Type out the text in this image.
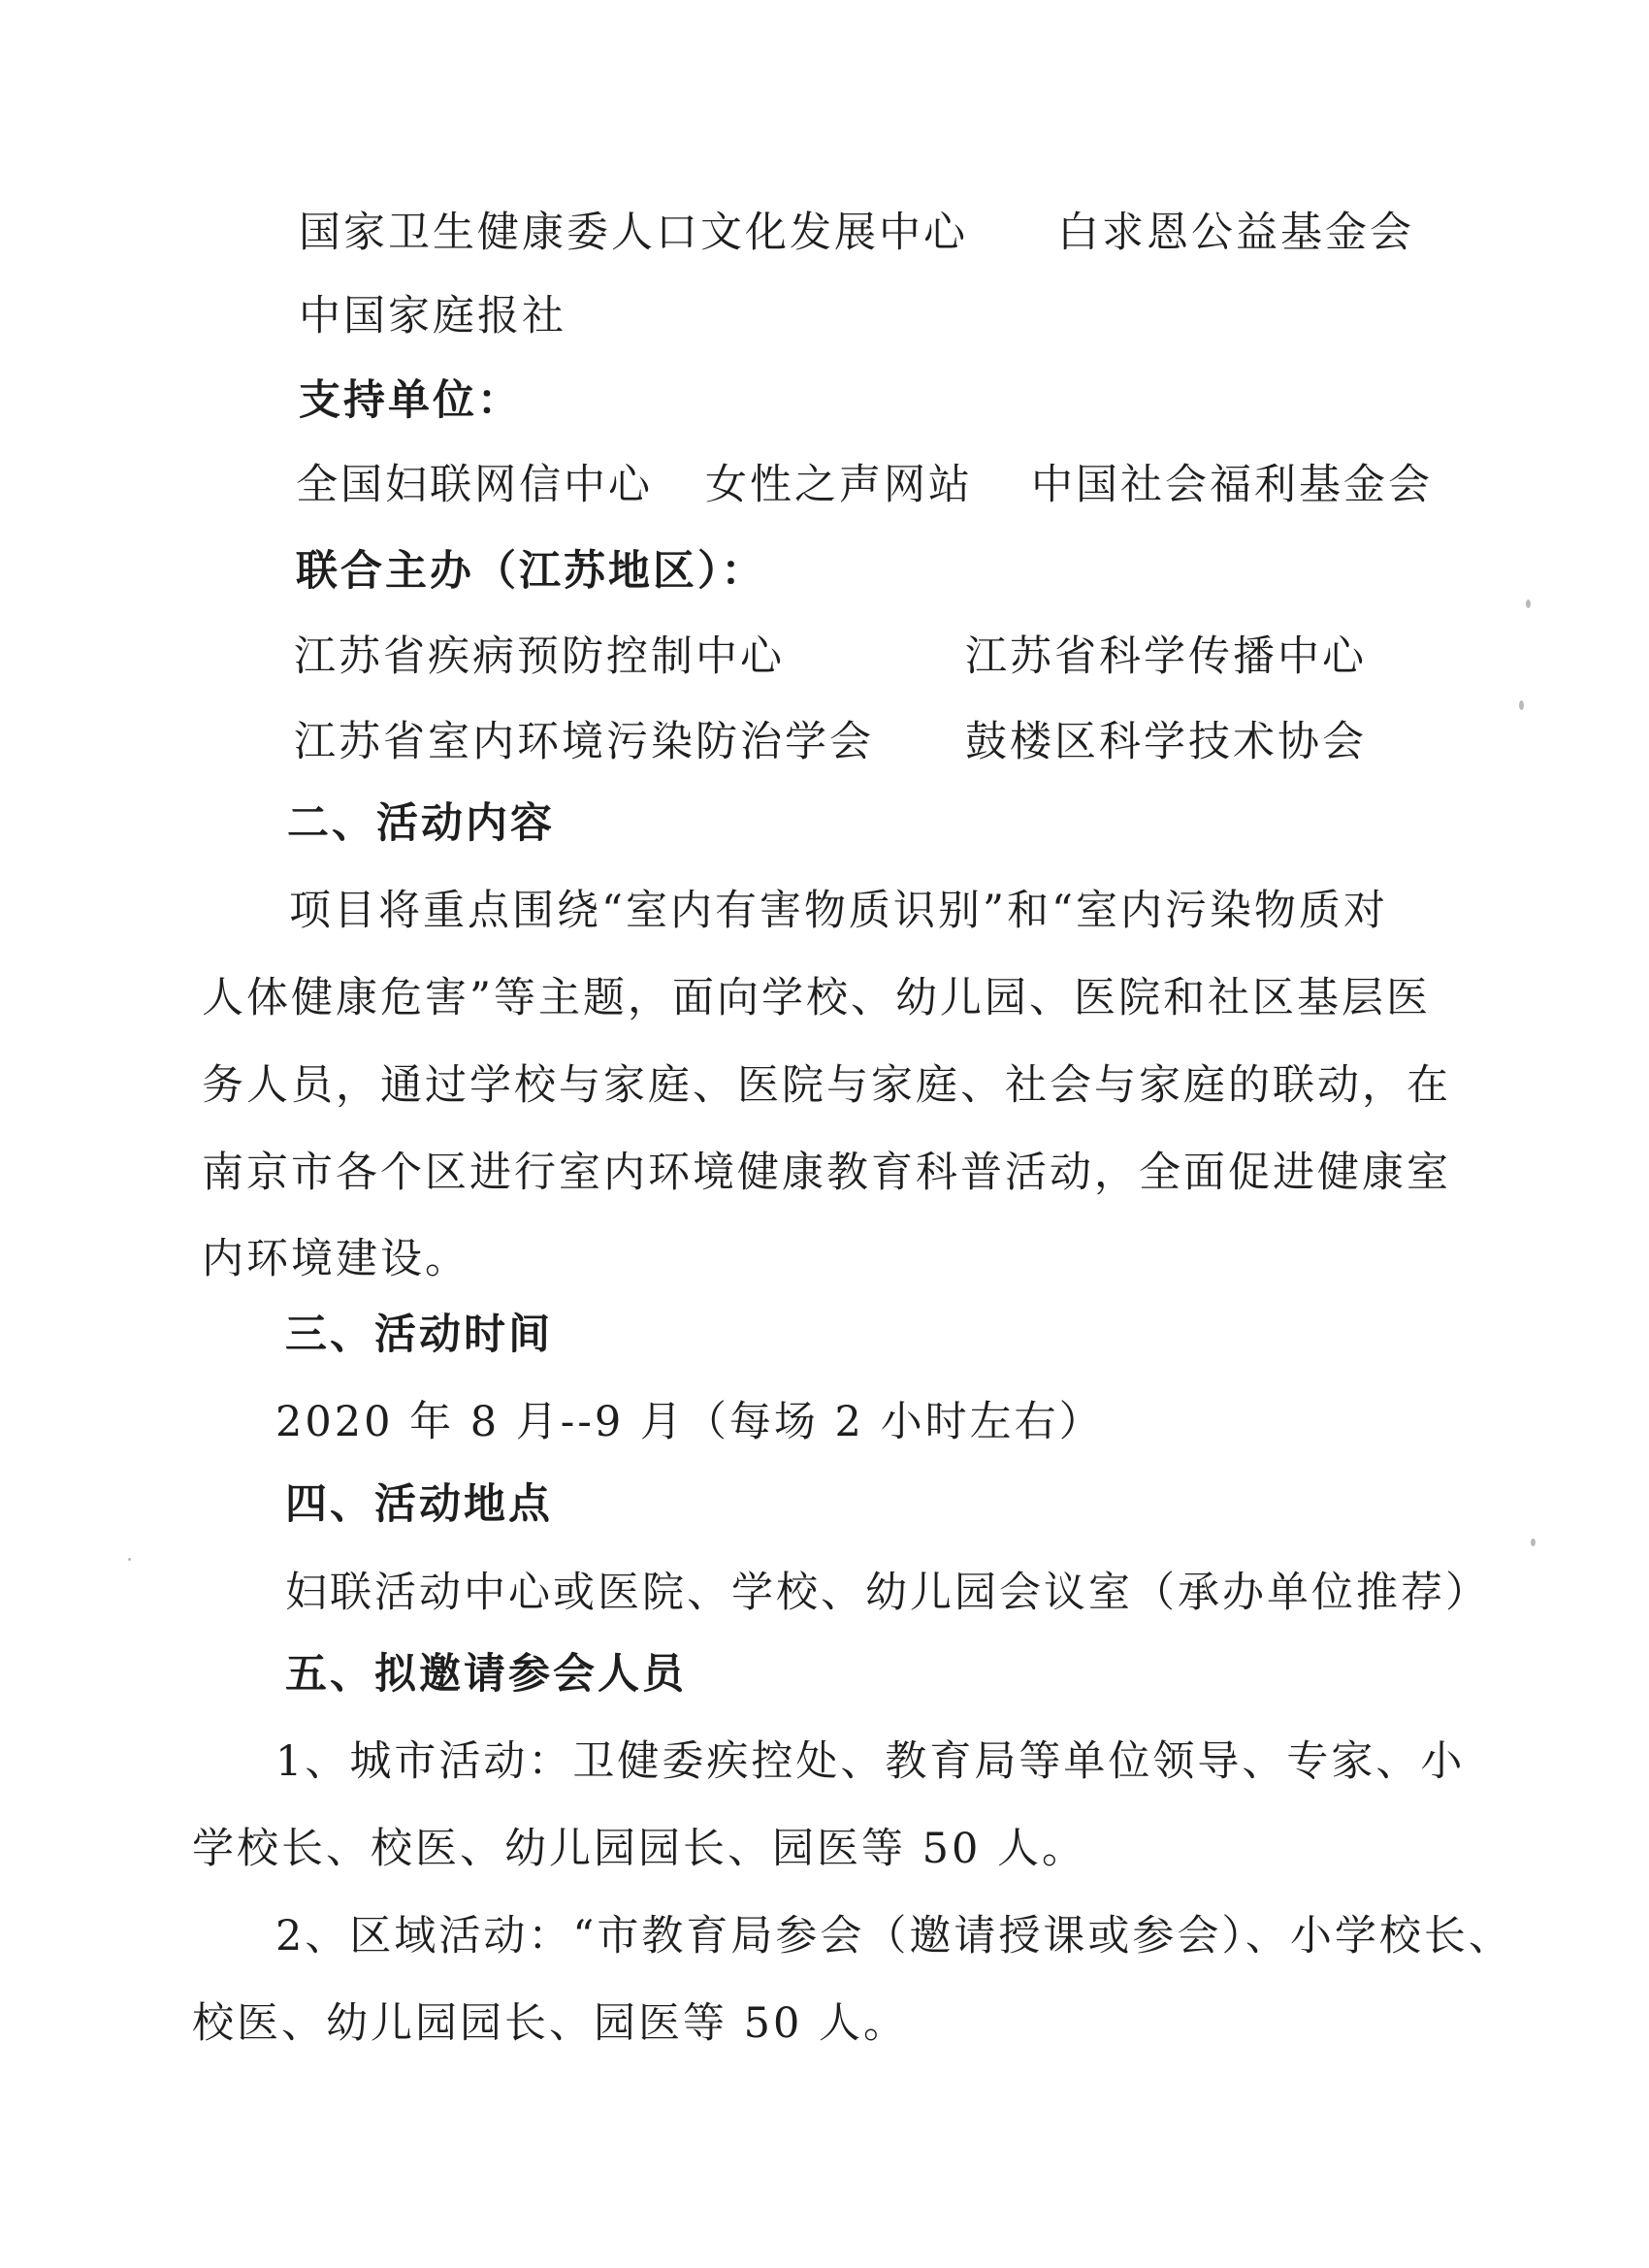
国家卫生健康委人口文化发展中心 白求恩公益基金会
中国家庭报社
支持单位：
全国妇联网信中心 女性之声网站 中国社会福利基金会
联合主办（江苏地区）：
江苏省疾病预防控制中心	江苏省科学传播中心
江苏省室内环境污染防治学会 鼓楼区科学技术协会
二、活动内容
项目将重点围绕“室内有害物质识别”和“室内污染物质对
人体健康危害”等主题，面向学校、幼儿园、医院和社区基层医
务人员，通过学校与家庭、医院与家庭、社会与家庭的联动，在
南京市各个区进行室内环境健康教育科普活动，全面促进健康室
内环境建设。
三、活动时间
2020 年 8 月--9 月（每场 2 小时左右）
四、活动地点
妇联活动中心或医院、学校、幼儿园会议室（承办单位推荐）
五、拟邀请参会人员
1、城市活动：卫健委疾控处、教育局等单位领导、专家、小
学校长、校医、幼儿园园长、园医等 50 人。
2、区域活动：“市教育局参会（邀请授课或参会）、小学校长、
校医、幼儿园园长、园医等 50 人。
